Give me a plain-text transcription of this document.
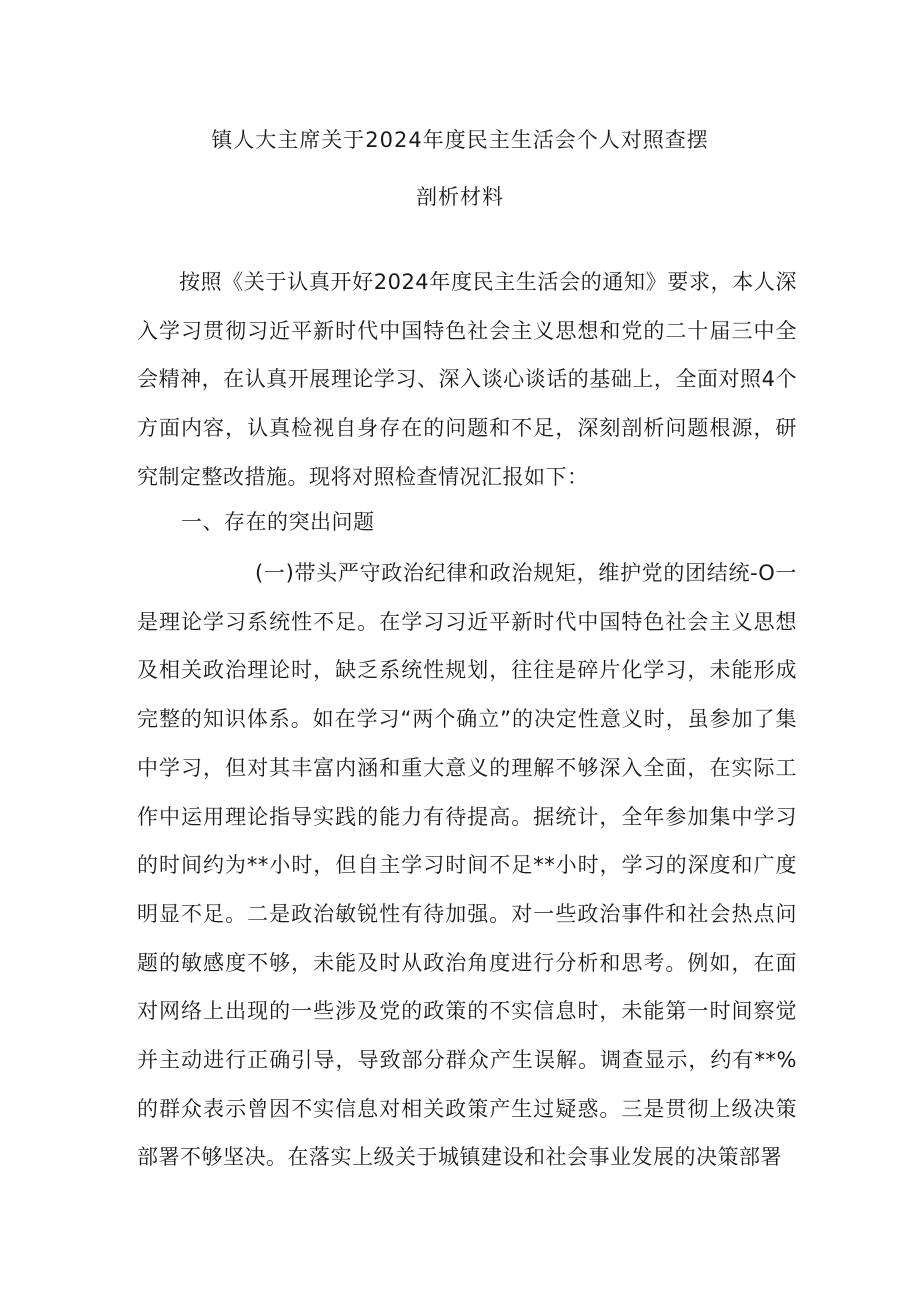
镇人大主席关于2024年度民主生活会个人对照查摆
剖析材料
按照《关于认真开好2024年度民主生活会的通知》要求，本人深入学习贯彻习近平新时代中国特色社会主义思想和党的二十届三中全会精神，在认真开展理论学习、深入谈心谈话的基础上，全面对照4个方面内容，认真检视自身存在的问题和不足，深刻剖析问题根源，研究制定整改措施。现将对照检查情况汇报如下：
一、存在的突出问题
(一)带头严守政治纪律和政治规矩，维护党的团结统-O一是理论学习系统性不足。在学习习近平新时代中国特色社会主义思想及相关政治理论时，缺乏系统性规划，往往是碎片化学习，未能形成完整的知识体系。如在学习“两个确立”的决定性意义时，虽参加了集中学习，但对其丰富内涵和重大意义的理解不够深入全面，在实际工作中运用理论指导实践的能力有待提高。据统计，全年参加集中学习的时间约为**小时，但自主学习时间不足**小时，学习的深度和广度明显不足。二是政治敏锐性有待加强。对一些政治事件和社会热点问题的敏感度不够，未能及时从政治角度进行分析和思考。例如，在面对网络上出现的一些涉及党的政策的不实信息时，未能第一时间察觉并主动进行正确引导，导致部分群众产生误解。调查显示，约有**%的群众表示曾因不实信息对相关政策产生过疑惑。三是贯彻上级决策部署不够坚决。在落实上级关于城镇建设和社会事业发展的决策部署
